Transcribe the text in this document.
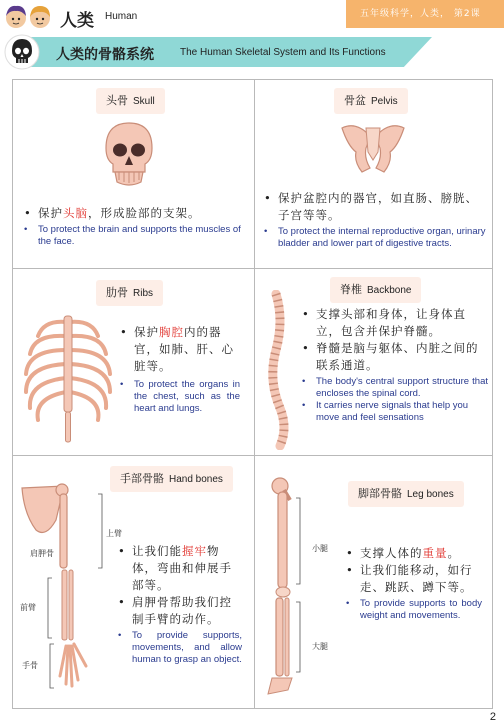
人类 Human	五年级科学，人类， 第2课
人类的骨骼系统	The Human Skeletal System and Its Functions
头骨 Skull
• 保护头脑，形成脸部的支架。
• To protect the brain and supports the muscles of the face.
骨盆 Pelvis
• 保护盆腔内的器官，如直肠、膀胱、子宫等等。
• To protect the internal reproductive organ, urinary bladder and lower part of digestive tracts.
肋骨 Ribs
• 保护胸腔内的器官，如肺、肝、心脏等。
• To protect the organs in the chest, such as the heart and lungs.
脊椎 Backbone
• 支撑头部和身体，让身体直立，包含并保护脊髓。
• 脊髓是脑与躯体、内脏之间的联系通道。
• The body's central support structure that encloses the spinal cord.
• It carries nerve signals that help you move and feel sensations
手部骨骼 Hand bones
上臂
肩胛骨
前臂
手骨
• 让我们能握牢物体，弯曲和伸展手部等。
• 肩胛骨帮助我们控制手臂的动作。
• To provide supports, movements, and allow human to grasp an object.
脚部骨骼 Leg bones
小腿
大腿
• 支撑人体的重量。
• 让我们能移动，如行走、跳跃、蹲下等。
• To provide supports to body weight and movements.
2
